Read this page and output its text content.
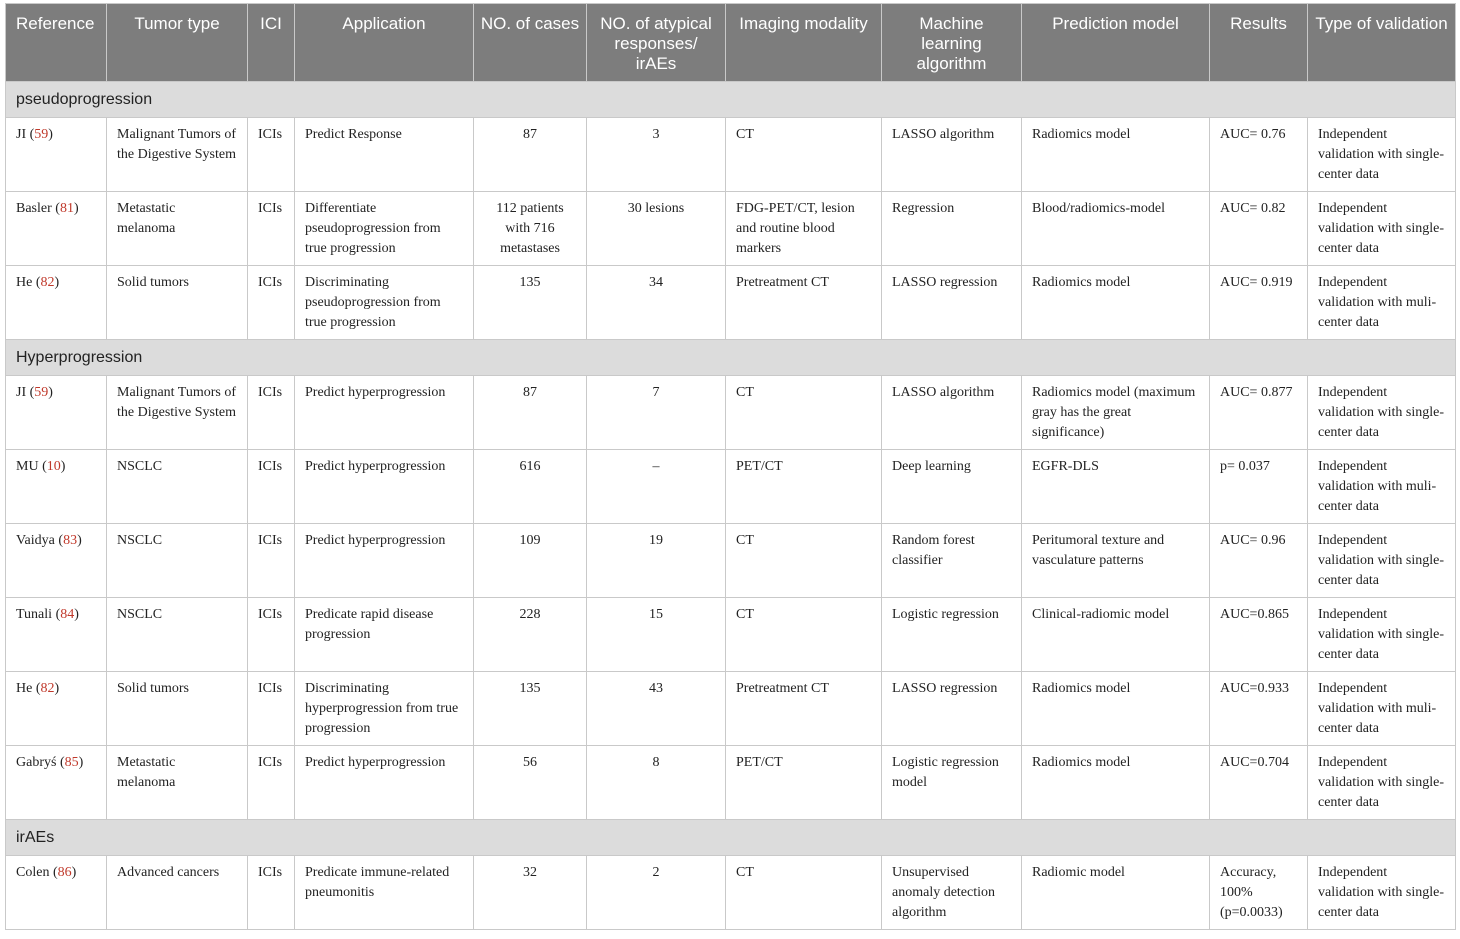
Reference	Tumor type	ICI	Application	NO. of cases	NO. of atypical responses/ irAEs	Imaging modality	Machine learning algorithm	Prediction model	Results	Type of validation
pseudoprogression										
JI (59)	Malignant Tumors of the Digestive System	ICIs	Predict Response	87	3	CT	LASSO algorithm	Radiomics model	AUC= 0.76	Independent validation with single-center data
Basler (81)	Metastatic melanoma	ICIs	Differentiate pseudoprogression from true progression	112 patients with 716 metastases	30 lesions	FDG-PET/CT, lesion and routine blood markers	Regression	Blood/radiomics-model	AUC= 0.82	Independent validation with single-center data
He (82)	Solid tumors	ICIs	Discriminating pseudoprogression from true progression	135	34	Pretreatment CT	LASSO regression	Radiomics model	AUC= 0.919	Independent validation with muli-center data
Hyperprogression										
JI (59)	Malignant Tumors of the Digestive System	ICIs	Predict hyperprogression	87	7	CT	LASSO algorithm	Radiomics model (maximum gray has the great significance)	AUC= 0.877	Independent validation with single-center data
MU (10)	NSCLC	ICIs	Predict hyperprogression	616	–	PET/CT	Deep learning	EGFR-DLS	p= 0.037	Independent validation with muli-center data
Vaidya (83)	NSCLC	ICIs	Predict hyperprogression	109	19	CT	Random forest classifier	Peritumoral texture and vasculature patterns	AUC= 0.96	Independent validation with single-center data
Tunali (84)	NSCLC	ICIs	Predicate rapid disease progression	228	15	CT	Logistic regression	Clinical-radiomic model	AUC=0.865	Independent validation with single-center data
He (82)	Solid tumors	ICIs	Discriminating hyperprogression from true progression	135	43	Pretreatment CT	LASSO regression	Radiomics model	AUC=0.933	Independent validation with muli-center data
Gabryś (85)	Metastatic melanoma	ICIs	Predict hyperprogression	56	8	PET/CT	Logistic regression model	Radiomics model	AUC=0.704	Independent validation with single-center data
irAEs										
Colen (86)	Advanced cancers	ICIs	Predicate immune-related pneumonitis	32	2	CT	Unsupervised anomaly detection algorithm	Radiomic model	Accuracy, 100% (p=0.0033)	Independent validation with single-center data
